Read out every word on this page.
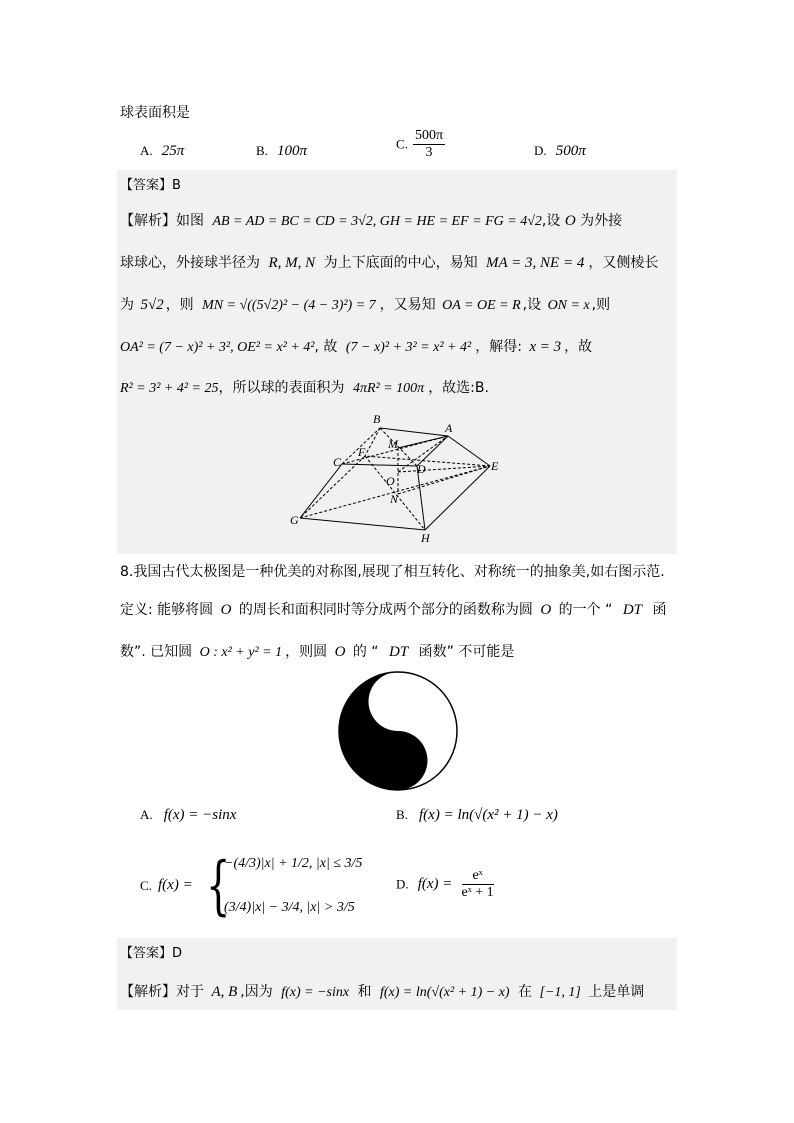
球表面积是
A. 25π	B. 100π	C. $\frac{500\pi}{3}$	D. 500π
【答案】B
【解析】如图 AB = AD = BC = CD = 3√2, GH = HE = EF = FG = 4√2,设 O 为外接
球球心，外接球半径为 R, M, N 为上下底面的中心，易知 MA = 3, NE = 4 ，又侧棱长
为 5√2 ，则 MN = √((5√2)² − (4 − 3)²) = 7 ，又易知 OA = OE = R ,设 ON = x ,则
OA² = (7 − x)² + 3², OE² = x² + 4², 故 (7 − x)² + 3² = x² + 4² ，解得: x = 3 ，故
R² = 3² + 4² = 25，所以球的表面积为 4πR² = 100π ，故选:B.
B
A
F
M
C	D	E
O
N
G
H
8.我国古代太极图是一种优美的对称图,展现了相互转化、对称统一的抽象美,如右图示范.
定义: 能够将圆 O 的周长和面积同时等分成两个部分的函数称为圆 O 的一个 “ DT 函
数”. 已知圆 O : x² + y² = 1 ，则圆 O 的 “ DT 函数” 不可能是
A. f(x) = −sinx	B. f(x) = ln(√(x² + 1) − x)
C. f(x) = {
−(4/3)|x| + 1/2, |x| ≤ 3/5
(3/4)|x| − 3/4, |x| > 3/5
D. $f(x) = \frac{\text{eˣ}}{\text{eˣ + 1}}$
【答案】D
【解析】对于 A, B ,因为 f(x) = −sinx 和 f(x) = ln(√(x² + 1) − x) 在 [−1, 1] 上是单调
